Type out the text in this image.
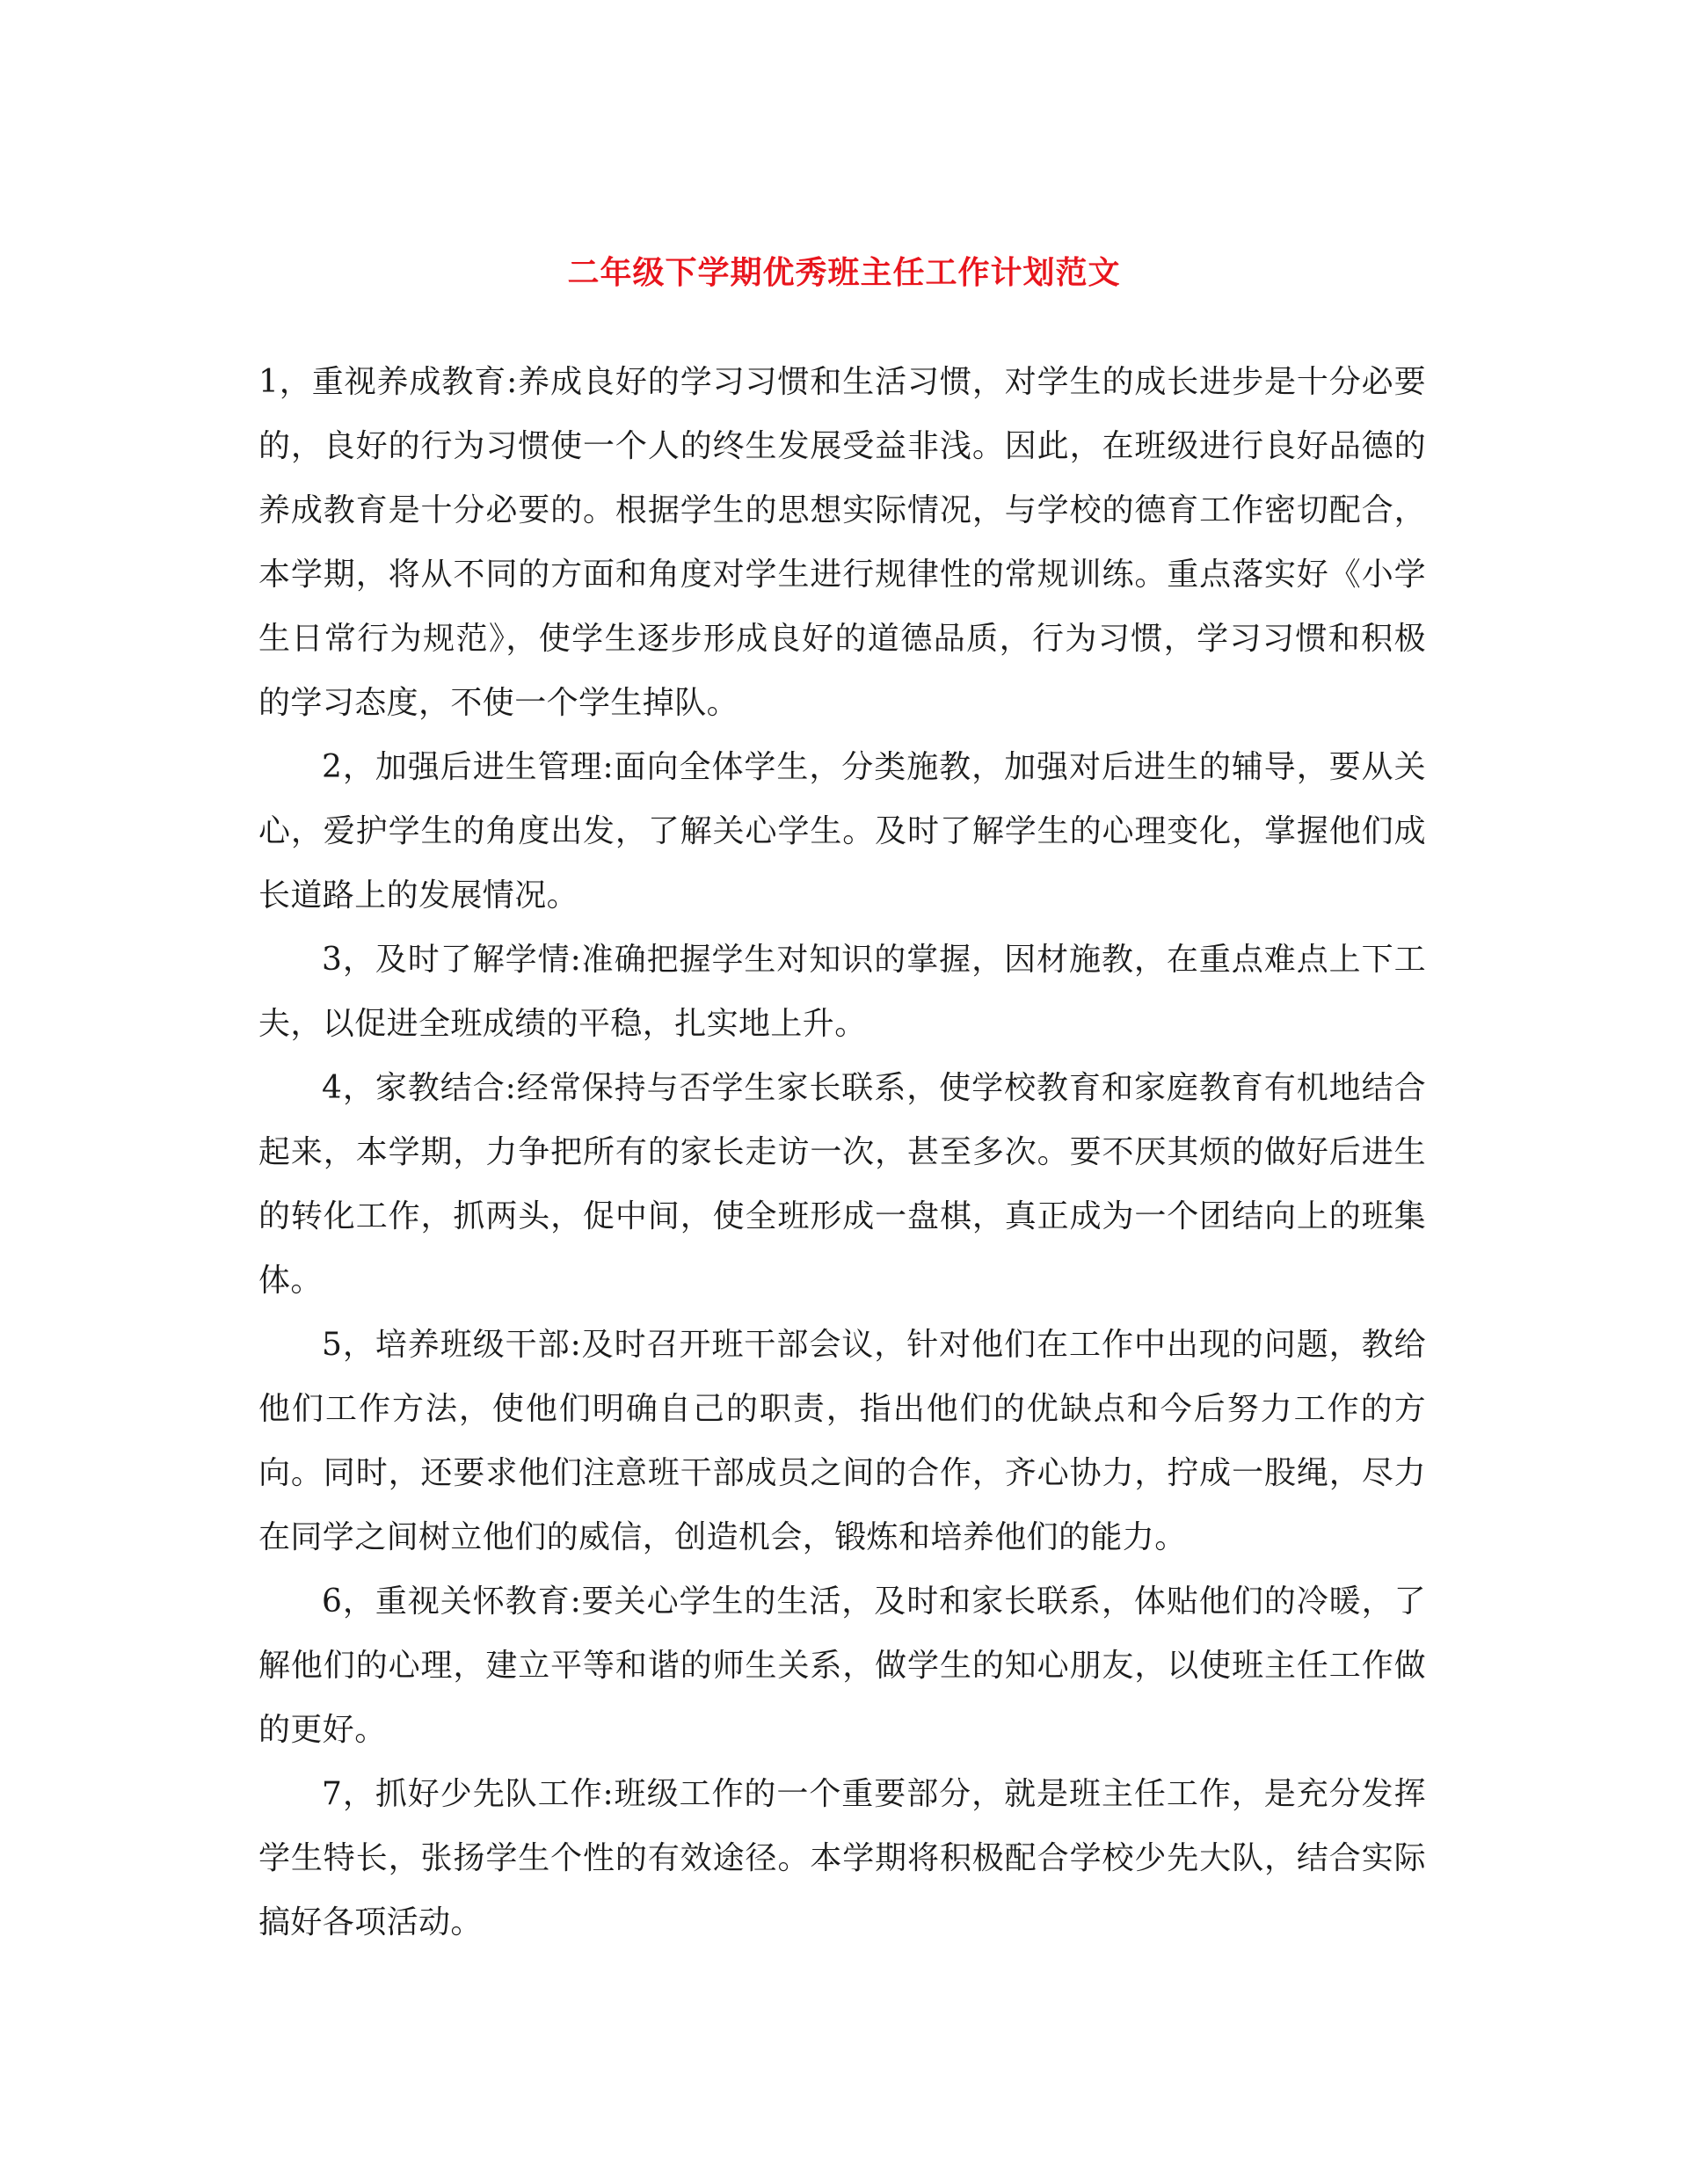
二年级下学期优秀班主任工作计划范文

1，重视养成教育:养成良好的学习习惯和生活习惯，对学生的成长进步是十分必要的，良好的行为习惯使一个人的终生发展受益非浅。因此，在班级进行良好品德的养成教育是十分必要的。根据学生的思想实际情况，与学校的德育工作密切配合，本学期，将从不同的方面和角度对学生进行规律性的常规训练。重点落实好《小学生日常行为规范》，使学生逐步形成良好的道德品质，行为习惯，学习习惯和积极的学习态度，不使一个学生掉队。

2，加强后进生管理:面向全体学生，分类施教，加强对后进生的辅导，要从关心，爱护学生的角度出发，了解关心学生。及时了解学生的心理变化，掌握他们成长道路上的发展情况。

3，及时了解学情:准确把握学生对知识的掌握，因材施教，在重点难点上下工夫，以促进全班成绩的平稳，扎实地上升。

4，家教结合:经常保持与否学生家长联系，使学校教育和家庭教育有机地结合起来，本学期，力争把所有的家长走访一次，甚至多次。要不厌其烦的做好后进生的转化工作，抓两头，促中间，使全班形成一盘棋，真正成为一个团结向上的班集体。

5，培养班级干部:及时召开班干部会议，针对他们在工作中出现的问题，教给他们工作方法，使他们明确自己的职责，指出他们的优缺点和今后努力工作的方向。同时，还要求他们注意班干部成员之间的合作，齐心协力，拧成一股绳，尽力在同学之间树立他们的威信，创造机会，锻炼和培养他们的能力。

6，重视关怀教育:要关心学生的生活，及时和家长联系，体贴他们的冷暖，了解他们的心理，建立平等和谐的师生关系，做学生的知心朋友，以使班主任工作做的更好。

7，抓好少先队工作:班级工作的一个重要部分，就是班主任工作，是充分发挥学生特长，张扬学生个性的有效途径。本学期将积极配合学校少先大队，结合实际搞好各项活动。
